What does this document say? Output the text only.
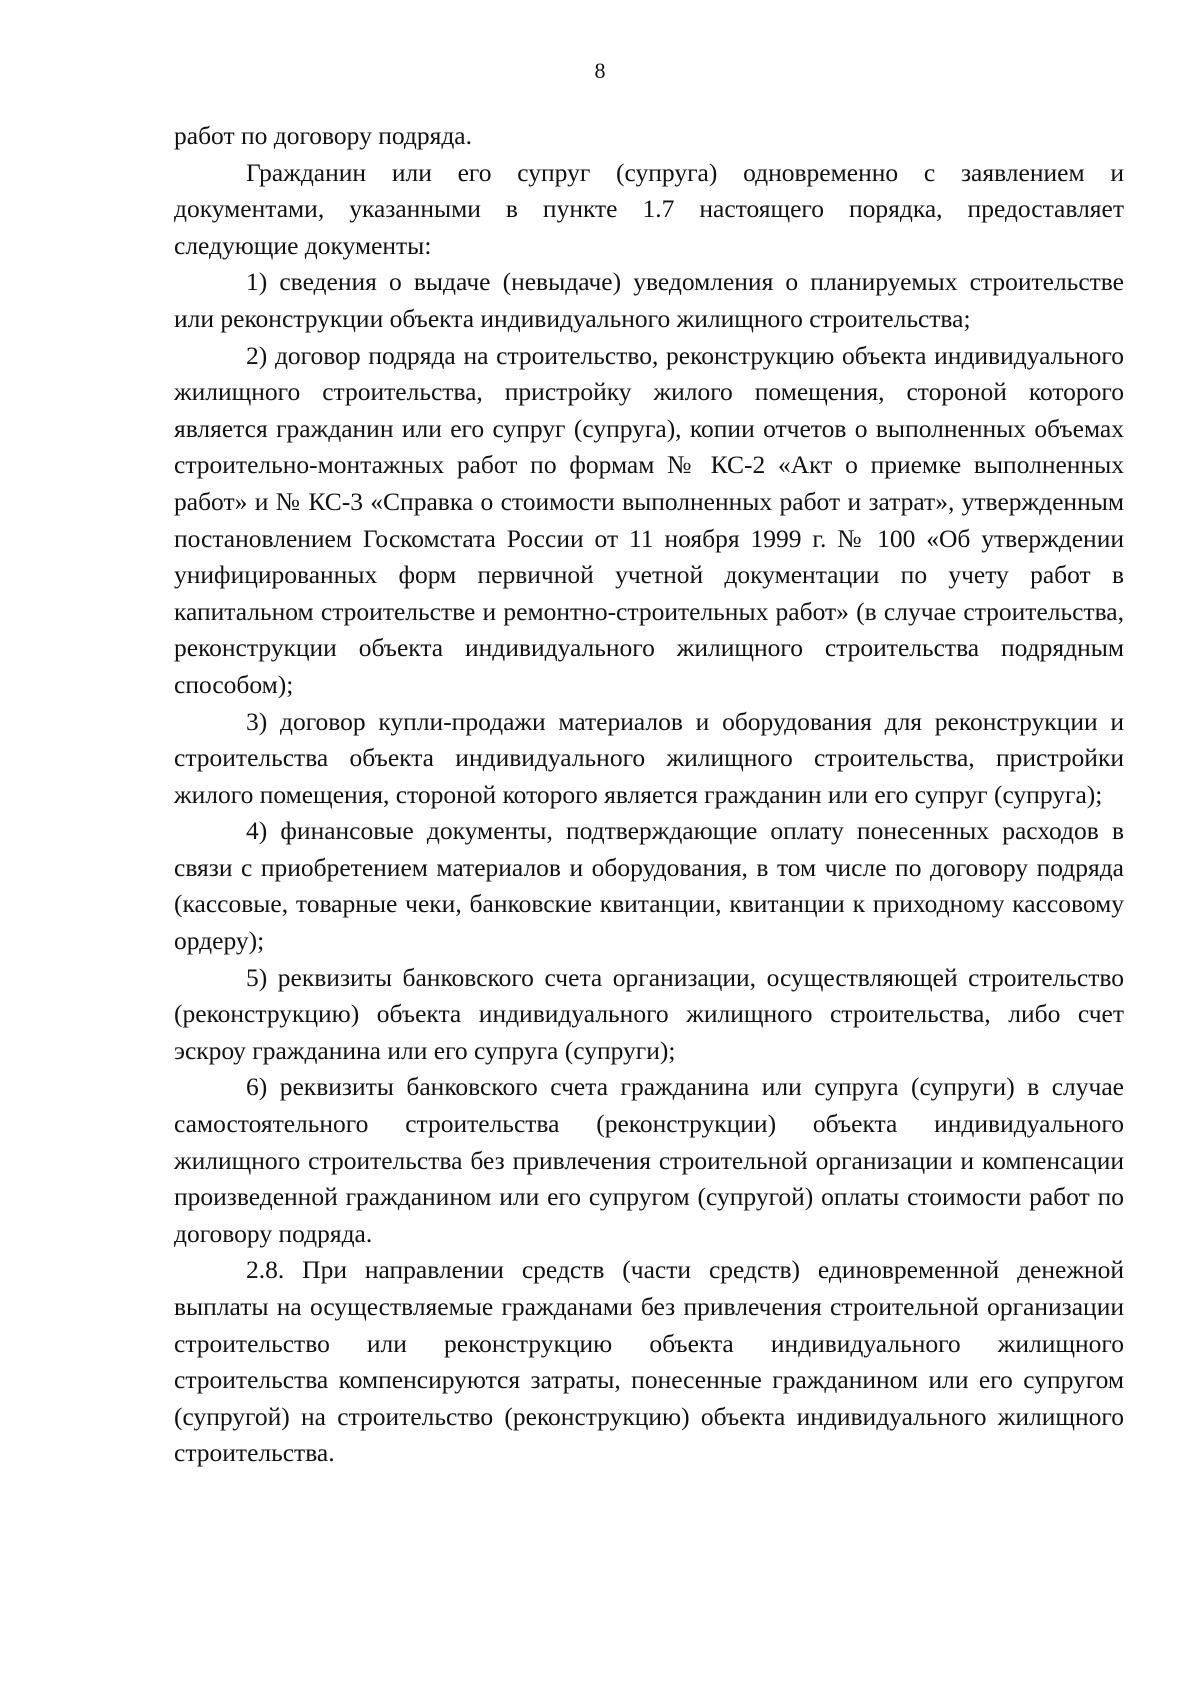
8

работ по договору подряда.

Гражданин или его супруг (супруга) одновременно с заявлением и документами, указанными в пункте 1.7 настоящего порядка, предоставляет следующие документы:

1) сведения о выдаче (невыдаче) уведомления о планируемых строительстве или реконструкции объекта индивидуального жилищного строительства;

2) договор подряда на строительство, реконструкцию объекта индивидуального жилищного строительства, пристройку жилого помещения, стороной которого является гражданин или его супруг (супруга), копии отчетов о выполненных объемах строительно-монтажных работ по формам № КС-2 «Акт о приемке выполненных работ» и № КС-3 «Справка о стоимости выполненных работ и затрат», утвержденным постановлением Госкомстата России от 11 ноября 1999 г. № 100 «Об утверждении унифицированных форм первичной учетной документации по учету работ в капитальном строительстве и ремонтно-строительных работ» (в случае строительства, реконструкции объекта индивидуального жилищного строительства подрядным способом);

3) договор купли-продажи материалов и оборудования для реконструкции и строительства объекта индивидуального жилищного строительства, пристройки жилого помещения, стороной которого является гражданин или его супруг (супруга);

4) финансовые документы, подтверждающие оплату понесенных расходов в связи с приобретением материалов и оборудования, в том числе по договору подряда (кассовые, товарные чеки, банковские квитанции, квитанции к приходному кассовому ордеру);

5) реквизиты банковского счета организации, осуществляющей строительство (реконструкцию) объекта индивидуального жилищного строительства, либо счет эскроу гражданина или его супруга (супруги);

6) реквизиты банковского счета гражданина или супруга (супруги) в случае самостоятельного строительства (реконструкции) объекта индивидуального жилищного строительства без привлечения строительной организации и компенсации произведенной гражданином или его супругом (супругой) оплаты стоимости работ по договору подряда.

2.8. При направлении средств (части средств) единовременной денежной выплаты на осуществляемые гражданами без привлечения строительной организации строительство или реконструкцию объекта индивидуального жилищного строительства компенсируются затраты, понесенные гражданином или его супругом (супругой) на строительство (реконструкцию) объекта индивидуального жилищного строительства.
